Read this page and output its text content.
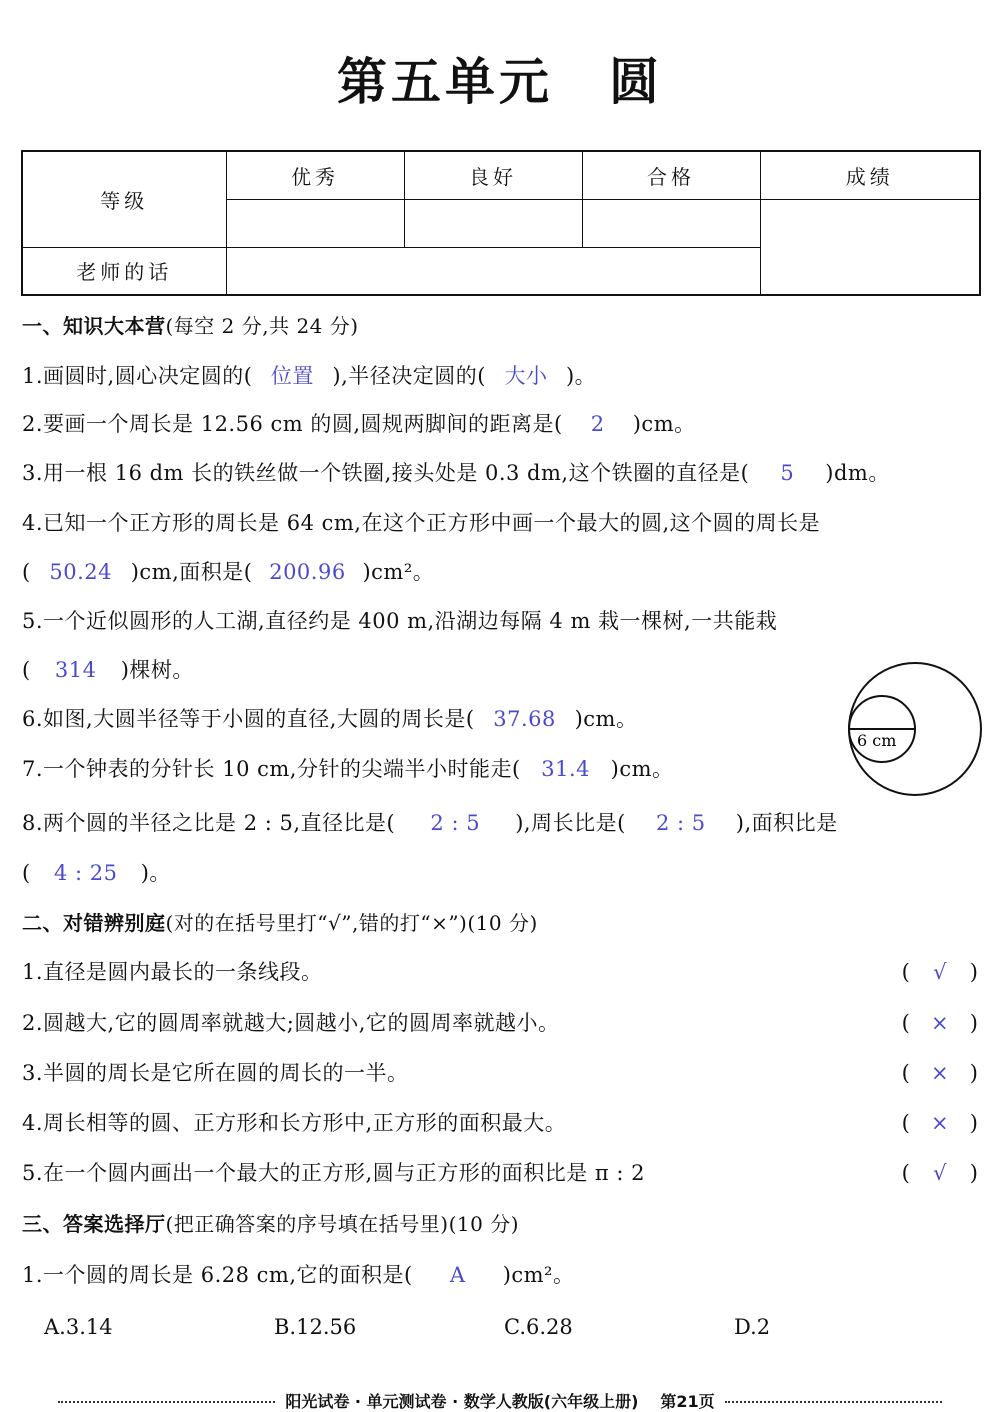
第五单元 圆
等级	优秀	良好	合格	成绩

老师的话				
一、知识大本营(每空 2 分,共 24 分)
1.画圆时,圆心决定圆的( 位置 ),半径决定圆的( 大小 )。
2.要画一个周长是 12.56 cm 的圆,圆规两脚间的距离是( 2 )cm。
3.用一根 16 dm 长的铁丝做一个铁圈,接头处是 0.3 dm,这个铁圈的直径是( 5 )dm。
4.已知一个正方形的周长是 64 cm,在这个正方形中画一个最大的圆,这个圆的周长是
( 50.24 )cm,面积是( 200.96 )cm²。
5.一个近似圆形的人工湖,直径约是 400 m,沿湖边每隔 4 m 栽一棵树,一共能栽
( 314 )棵树。
6.如图,大圆半径等于小圆的直径,大圆的周长是( 37.68 )cm。
6 cm
7.一个钟表的分针长 10 cm,分针的尖端半小时能走( 31.4 )cm。
8.两个圆的半径之比是 2 : 5,直径比是( 2 : 5 ),周长比是( 2 : 5 ),面积比是
( 4 : 25 )。
二、对错辨别庭(对的在括号里打“√”,错的打“×”)(10 分)
1.直径是圆内最长的一条线段。	( √ )
2.圆越大,它的圆周率就越大;圆越小,它的圆周率就越小。	( × )
3.半圆的周长是它所在圆的周长的一半。	( × )
4.周长相等的圆、正方形和长方形中,正方形的面积最大。	( × )
5.在一个圆内画出一个最大的正方形,圆与正方形的面积比是 π : 2	( √ )
三、答案选择厅(把正确答案的序号填在括号里)(10 分)
1.一个圆的周长是 6.28 cm,它的面积是( A )cm²。
A.3.14	B.12.56	C.6.28	D.2
阳光试卷 · 单元测试卷 · 数学人教版(六年级上册) 第21页
